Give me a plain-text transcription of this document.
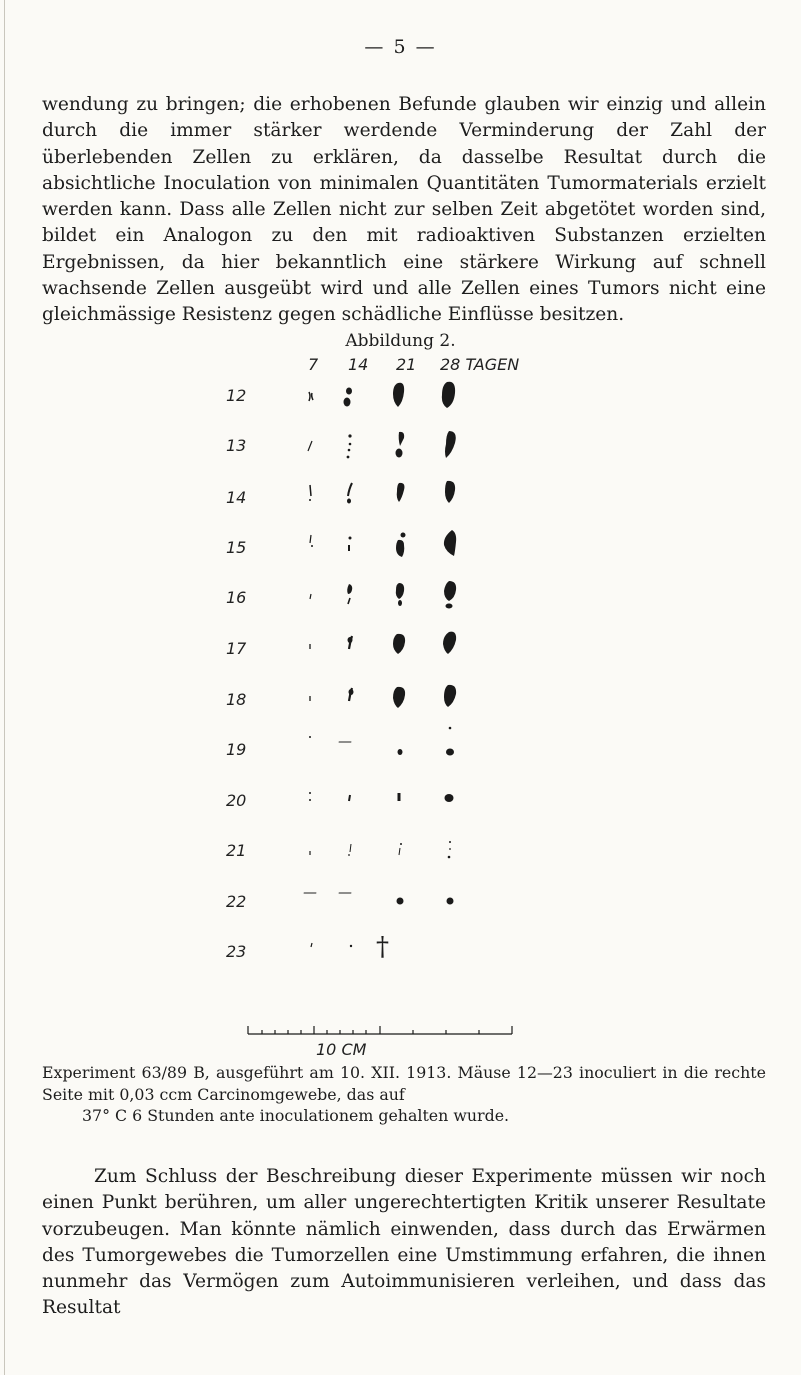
— 5 —

wendung zu bringen; die erhobenen Befunde glauben wir einzig und allein durch die immer stärker werdende Verminderung der Zahl der überlebenden Zellen zu erklären, da dasselbe Resultat durch die absichtliche Inoculation von minimalen Quantitäten Tumormaterials erzielt werden kann. Dass alle Zellen nicht zur selben Zeit abgetötet worden sind, bildet ein Analogon zu den mit radioaktiven Substanzen erzielten Ergebnissen, da hier bekanntlich eine stärkere Wirkung auf schnell wachsende Zellen ausgeübt wird und alle Zellen eines Tumors nicht eine gleichmässige Resistenz gegen schädliche Einflüsse besitzen.

Abbildung 2.
7 14 21 28 TAGEN
12
13
14
15
16
17
18
19
20
21
22
23
—
— —
†
10 CM
Experiment 63/89 B, ausgeführt am 10. XII. 1913. Mäuse 12—23 inoculiert in die rechte Seite mit 0,03 ccm Carcinomgewebe, das auf
37° C 6 Stunden ante inoculationem gehalten wurde.

Zum Schluss der Beschreibung dieser Experimente müssen wir noch einen Punkt berühren, um aller ungerechtertigten Kritik unserer Resultate vorzubeugen. Man könnte nämlich einwenden, dass durch das Erwärmen des Tumorgewebes die Tumorzellen eine Umstimmung erfahren, die ihnen nunmehr das Vermögen zum Autoimmunisieren verleihen, und dass das Resultat
